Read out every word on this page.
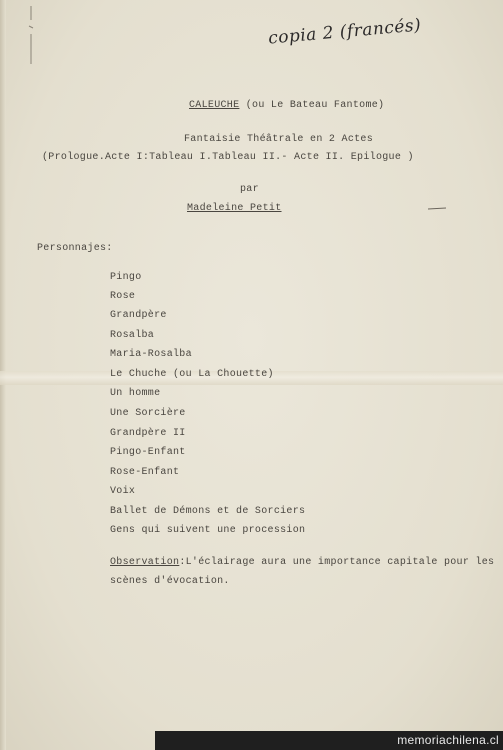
copia 2 (francés)
CALEUCHE (ou Le Bateau Fantome)
Fantaisie Théâtrale en 2 Actes
(Prologue.Acte I:Tableau I.Tableau II.- Acte II. Epilogue )
par
Madeleine Petit
Personnajes:
Pingo
Rose
Grandpère
Rosalba
Maria-Rosalba
Le Chuche (ou La Chouette)
Un homme
Une Sorcière
Grandpère II
Pingo-Enfant
Rose-Enfant
Voix
Ballet de Démons et de Sorciers
Gens qui suivent une procession
Observation:L'éclairage aura une importance capitale pour les
scènes d'évocation.
memoriachilena.cl
